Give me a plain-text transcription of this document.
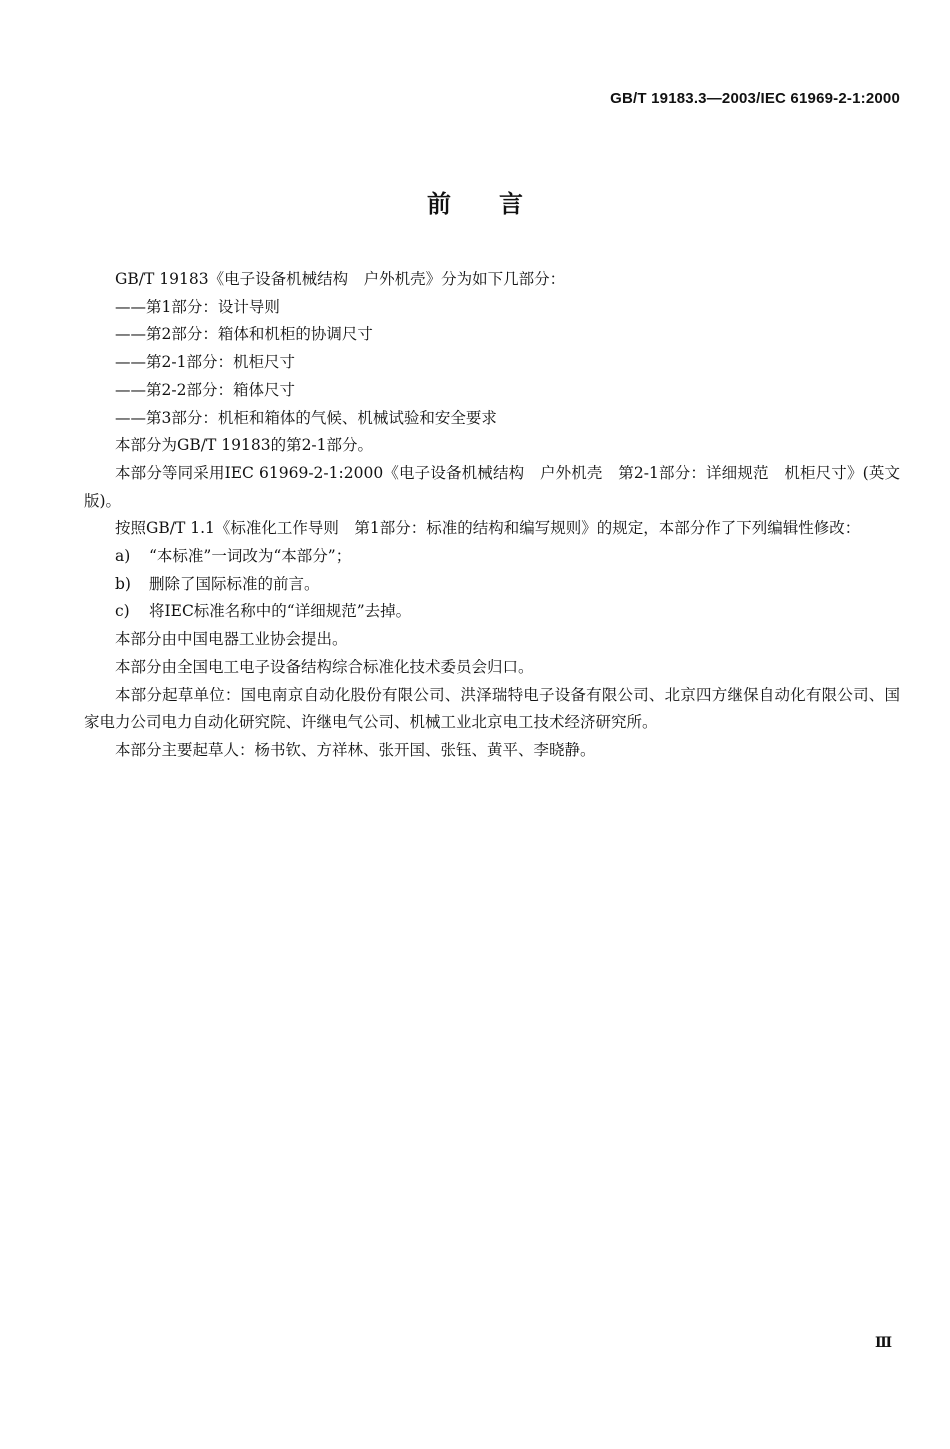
GB/T 19183.3—2003/IEC 61969-2-1:2000
前言

GB/T 19183《电子设备机械结构　户外机壳》分为如下几部分：

——第1部分：设计导则

——第2部分：箱体和机柜的协调尺寸

——第2-1部分：机柜尺寸

——第2-2部分：箱体尺寸

——第3部分：机柜和箱体的气候、机械试验和安全要求

本部分为GB/T 19183的第2-1部分。

本部分等同采用IEC 61969-2-1:2000《电子设备机械结构　户外机壳　第2-1部分：详细规范　机柜尺寸》(英文版)。

按照GB/T 1.1《标准化工作导则　第1部分：标准的结构和编写规则》的规定，本部分作了下列编辑性修改：

a) “本标准”一词改为“本部分”；

b) 删除了国际标准的前言。

c) 将IEC标准名称中的“详细规范”去掉。

本部分由中国电器工业协会提出。

本部分由全国电工电子设备结构综合标准化技术委员会归口。

本部分起草单位：国电南京自动化股份有限公司、洪泽瑞特电子设备有限公司、北京四方继保自动化有限公司、国家电力公司电力自动化研究院、许继电气公司、机械工业北京电工技术经济研究所。

本部分主要起草人：杨书钦、方祥林、张开国、张钰、黄平、李晓静。

Ⅲ
